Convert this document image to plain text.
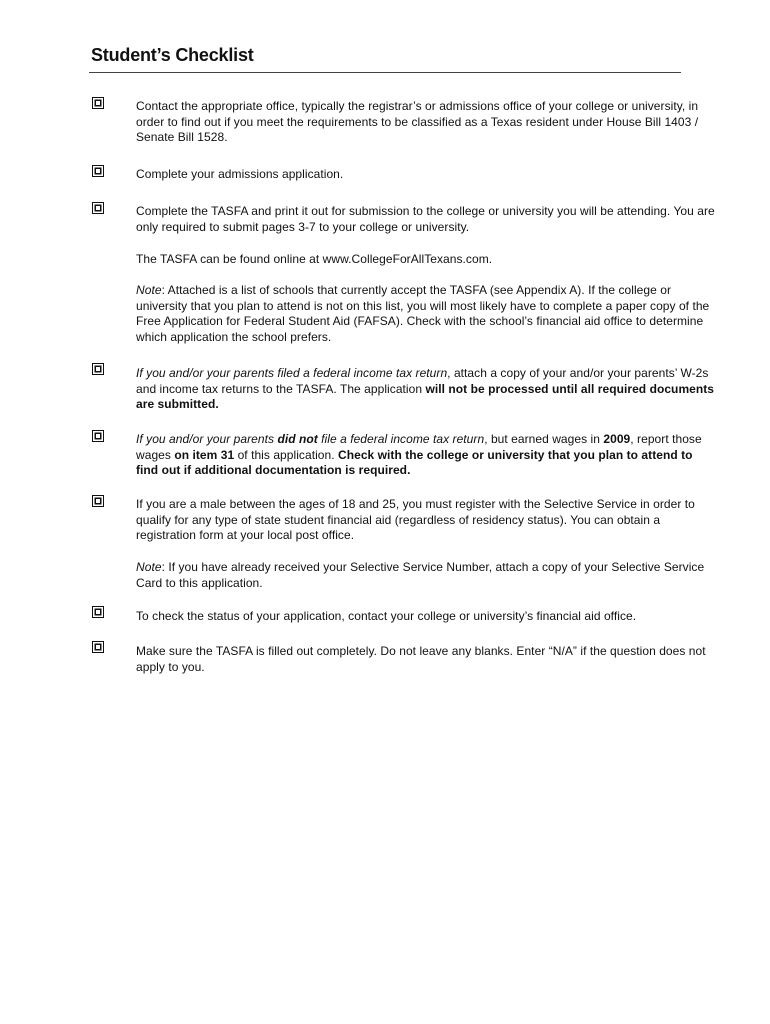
Student’s Checklist
Contact the appropriate office, typically the registrar’s or admissions office of your college or university, in order to find out if you meet the requirements to be classified as a Texas resident under House Bill 1403 / Senate Bill 1528.
Complete your admissions application.
Complete the TASFA and print it out for submission to the college or university you will be attending. You are only required to submit pages 3-7 to your college or university.
The TASFA can be found online at www.CollegeForAllTexans.com.
Note: Attached is a list of schools that currently accept the TASFA (see Appendix A). If the college or university that you plan to attend is not on this list, you will most likely have to complete a paper copy of the Free Application for Federal Student Aid (FAFSA). Check with the school’s financial aid office to determine which application the school prefers.
If you and/or your parents filed a federal income tax return, attach a copy of your and/or your parents’ W-2s and income tax returns to the TASFA. The application will not be processed until all required documents are submitted.
If you and/or your parents did not file a federal income tax return, but earned wages in 2009, report those wages on item 31 of this application. Check with the college or university that you plan to attend to find out if additional documentation is required.
If you are a male between the ages of 18 and 25, you must register with the Selective Service in order to qualify for any type of state student financial aid (regardless of residency status). You can obtain a registration form at your local post office.
Note: If you have already received your Selective Service Number, attach a copy of your Selective Service Card to this application.
To check the status of your application, contact your college or university’s financial aid office.
Make sure the TASFA is filled out completely. Do not leave any blanks. Enter “N/A” if the question does not apply to you.
